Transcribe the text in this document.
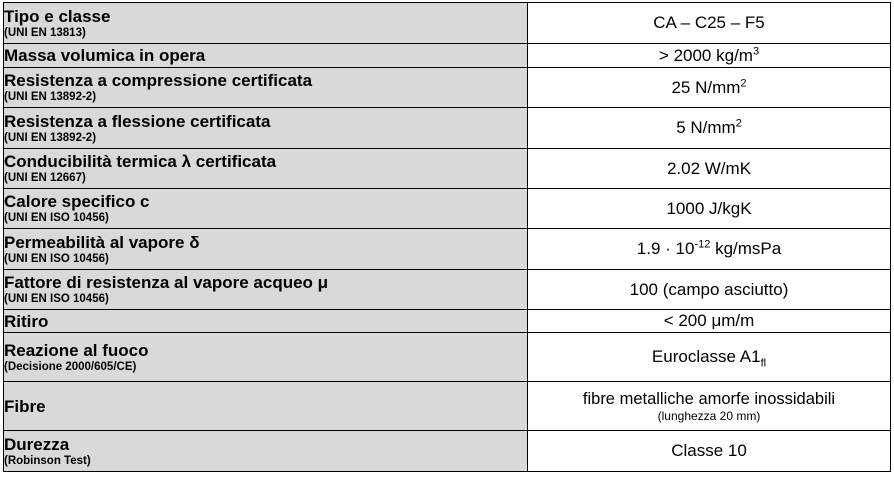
Tipo e classe
(UNI EN 13813)	CA – C25 – F5

Massa volumica in opera	> 2000 $kg/m^3$

Resistenza a compressione certificata
(UNI EN 13892-2)	25 $N/mm^2$

Resistenza a flessione certificata
(UNI EN 13892-2)	5 $N/mm^2$

Conducibilità termica λ certificata
(UNI EN 12667)	2.02 W/mK

Calore specifico c
(UNI EN ISO 10456)	1000 J/kgK

Permeabilità al vapore δ
(UNI EN ISO 10456)	$1.9 \cdot 10^{-12}$ kg/msPa

Fattore di resistenza al vapore acqueo μ
(UNI EN ISO 10456)	100 (campo asciutto)

Ritiro	< 200 μm/m

Reazione al fuoco
(Decisione 2000/605/CE)	Euroclasse $A1_{fl}$

Fibre	fibre metalliche amorfe inossidabili
(lunghezza 20 mm)

Durezza
(Robinson Test)	Classe 10
